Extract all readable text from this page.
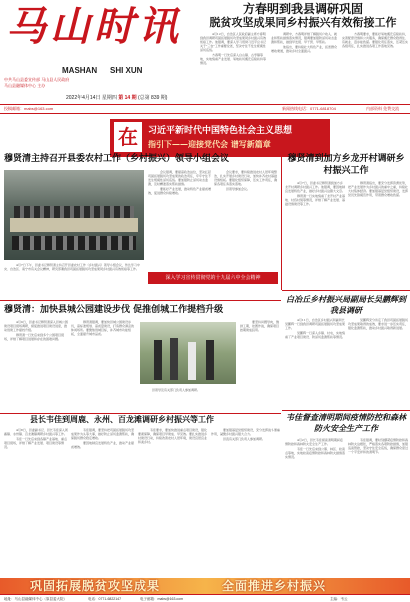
马山时讯
MASHAN SHI XUN
中共马山县委宣传部 马山县人民政府
马山县融媒体中心 主办
2022年4月14日 星期四 第 14 期 (总第 839 期)
方春明到我县调研巩固
脱贫攻坚成果同乡村振兴有效衔接工作

　　4月12日，自治区人民政府副主席方春明到我县调研巩固拓展脱贫攻坚成果同乡村振兴有效衔接工作。他强调，要深入学习贯彻习近平总书记关于"三农"工作重要论述，坚决守住不发生规模性返贫底线。

　　方春明一行先后深入白山镇、古零镇等地，实地察看产业发展、易地扶贫搬迁后续扶持等情况。

　　调研中，方春明详细了解脱贫户收入、就业和帮扶措施落实情况，强调要加强防返贫动态监测和帮扶，做到早发现、早干预、早帮扶。

　　他指出，要持续壮大特色产业，拓宽群众增收渠道，推动乡村全面振兴。

　　方春明要求，要抓好易地搬迁后续扶持，完善配套设施和公共服务，确保搬迁群众稳得住、有就业、逐步能致富。要强化责任落实，压紧压实各级责任，扎实推进各项工作落地见效。

投稿邮箱：mabs@163.com	新闻热线电话：0771-6818704	内部资料 免费交流
在	习近平新时代中国特色社会主义思想
指引下——迎接党代会 谱写新篇章
穆贤清主持召开县委农村工作（乡村振兴）领导小组会议

　　4月7日下午，县委书记穆贤清主持召开县委农村工作（乡村振兴）领导小组会议，传达学习中央、自治区、南宁市有关会议精神，研究部署我县巩固拓展脱贫攻坚成果同乡村振兴有效衔接等工作。

　　会议强调，要提高政治站位，坚决扛起巩固拓展脱贫攻坚成果的政治责任，牢牢守住不发生规模性返贫底线。要加强防止返贫动态监测，及时精准落实帮扶措施。

　　要抓好产业发展，推动特色产业提质增效，促进群众持续增收。

　　会议要求，要持续推进农村人居环境整治，扎实开展乡村建设行动，加快补齐农村基础设施短板。要强化组织保障，压实工作责任，确保各项任务落实落地。

　　县领导参加会议。

深入学习宣传贯彻党的十九届六中全会精神
穆贤清到加方乡龙开村调研乡村振兴工作

　　4月7日，县委书记穆贤清到加方乡龙开村调研乡村振兴工作。他强调，要因地制宜发展特色产业，做好乡村振兴这篇大文章。

　　穆贤清一行实地察看了龙开村产业基地、村容村貌等情况，详细了解产业发展、基础设施建设等工作。

　　穆贤清指出，要充分发挥资源优势，把产业发展作为乡村振兴的重中之重，持续壮大村集体经济。要加强基层党组织建设，发挥党员先锋模范作用，带领群众增收致富。

穆贤清：加快县城公园建设步伐 促推创城工作提档升级

　　4月9日，县委书记穆贤清深入县城公园建设项目现场调研，督促推进项目建设进度，推动创建工作提档升级。

　　穆贤清一行先后来到多个公园项目现场，详细了解项目进展和存在的困难问题。

　　穆贤清强调，要加快县城公园建设步伐，高标准规划、高质量建设，打造群众满意的休闲场所。要聚焦创城目标，补齐城市功能短板，全面提升城市品质。

　　要坚持问题导向，倒排工期，挂图作战，确保项目按期建成投用。

　　县领导及有关部门负责人参加调研。

白冶丘乡村振兴局副局长吴鹏辉到我县调研

　　4月11日，自治区乡村振兴局副局长吴鹏辉一行到我县调研巩固拓展脱贫攻坚成果工作。

　　吴鹏辉一行深入乡镇、村屯，实地察看了产业项目建设、防返贫监测帮扶等情况。

　　吴鹏辉充分肯定了我县巩固拓展脱贫攻坚成果取得的成效，要求进一步压实责任，强化监测帮扶，推动乡村振兴取得新进展。

县长韦佳到周鹿、永州、百龙滩调研乡村振兴等工作

　　4月8日，县委副书记、县长韦佳深入周鹿镇、永州镇、百龙滩镇调研乡村振兴等工作。

　　韦佳一行先后来到各镇产业基地、重点项目现场，详细了解产业发展、项目建设等情况。

　　韦佳强调，要坚持把巩固拓展脱贫攻坚成果作为头等大事，做好防止返贫监测帮扶，确保脱贫群众稳定增收。

　　要因地制宜发展特色产业，推动产业提质增效。

　　韦佳要求，要加快推进重点项目建设，强化要素保障，确保项目早建成、早见效。要扎实推进乡村建设行动，持续改善农村人居环境，建设宜居宜业和美乡村。

　　要加强基层党组织建设，充分发挥战斗堡垒作用，凝聚乡村振兴强大合力。

　　县直有关部门负责人参加调研。

韦佳督查清明期间疫情防控和森林防火安全生产工作

　　4月2日，县长韦佳督查清明期间疫情防控和森林防火安全生产工作。

　　韦佳一行先后来到公墓、林区、检查点等地，实地检查疫情防控和森林防火措施落实情况。

　　韦佳强调，要时刻绷紧疫情防控和森林防火这根弦，严格落实各项防控措施，加强巡查管控，坚决守住安全底线，确保群众度过一个平安祥和的清明节。

巩固拓展脱贫攻坚成果	全面推进乡村振兴
地址：马山县融媒体中心（原县委大院）	电话：0771-6822147	电子邮箱：mabs@163.com	主编：韦云
